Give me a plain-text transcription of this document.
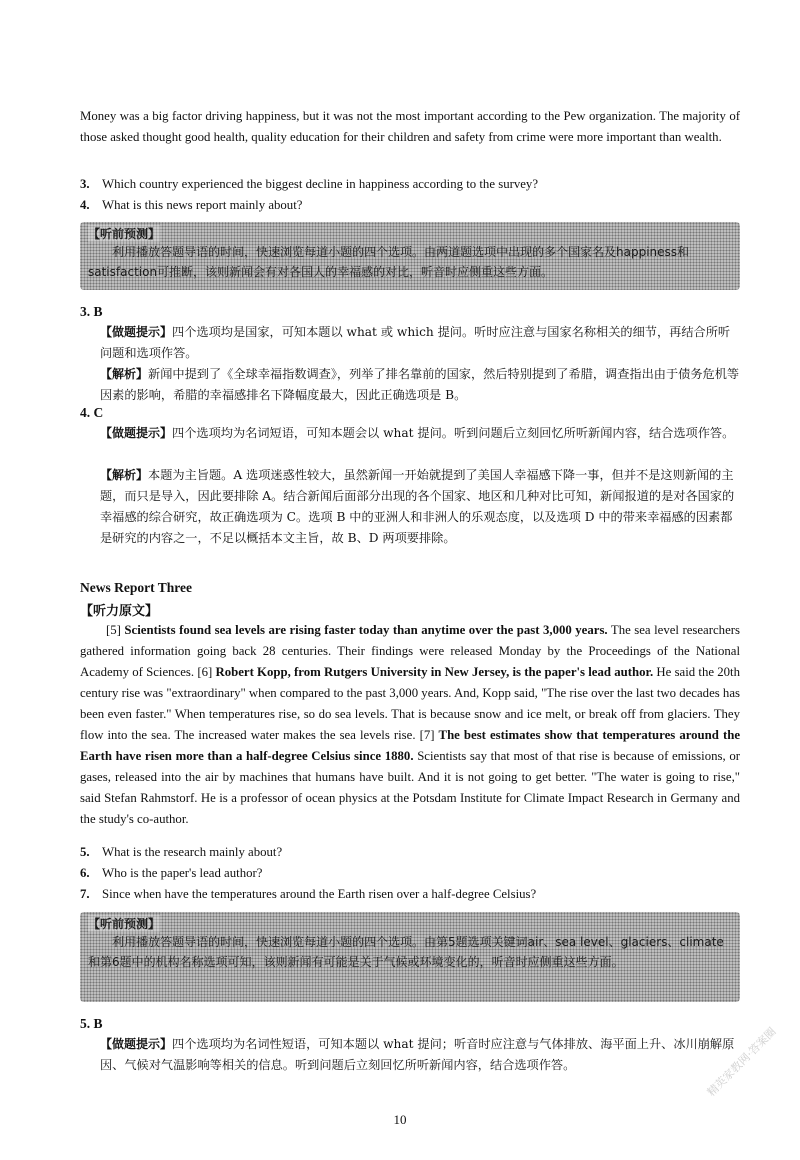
Money was a big factor driving happiness, but it was not the most important according to the Pew organization. The majority of those asked thought good health, quality education for their children and safety from crime were more important than wealth.

3. Which country experienced the biggest decline in happiness according to the survey?
4. What is this news report mainly about?
【听前预测】
利用播放答题导语的时间，快速浏览每道小题的四个选项。由两道题选项中出现的多个国家名及happiness和satisfaction可推断，该则新闻会有对各国人的幸福感的对比，听音时应侧重这些方面。
3. B

【做题提示】四个选项均是国家，可知本题以 what 或 which 提问。听时应注意与国家名称相关的细节，再结合所听问题和选项作答。

【解析】新闻中提到了《全球幸福指数调查》，列举了排名靠前的国家，然后特别提到了希腊，调查指出由于债务危机等因素的影响，希腊的幸福感排名下降幅度最大，因此正确选项是 B。

4. C

【做题提示】四个选项均为名词短语，可知本题会以 what 提问。听到问题后立刻回忆所听新闻内容，结合选项作答。

【解析】本题为主旨题。A 选项迷惑性较大，虽然新闻一开始就提到了美国人幸福感下降一事，但并不是这则新闻的主题，而只是导入，因此要排除 A。结合新闻后面部分出现的各个国家、地区和几种对比可知，新闻报道的是对各国家的幸福感的综合研究，故正确选项为 C。选项 B 中的亚洲人和非洲人的乐观态度，以及选项 D 中的带来幸福感的因素都是研究的内容之一，不足以概括本文主旨，故 B、D 两项要排除。

News Report Three
【听力原文】

[5] Scientists found sea levels are rising faster today than anytime over the past 3,000 years. The sea level researchers gathered information going back 28 centuries. Their findings were released Monday by the Proceedings of the National Academy of Sciences. [6] Robert Kopp, from Rutgers University in New Jersey, is the paper's lead author. He said the 20th century rise was "extraordinary" when compared to the past 3,000 years. And, Kopp said, "The rise over the last two decades has been even faster." When temperatures rise, so do sea levels. That is because snow and ice melt, or break off from glaciers. They flow into the sea. The increased water makes the sea levels rise. [7] The best estimates show that temperatures around the Earth have risen more than a half-degree Celsius since 1880. Scientists say that most of that rise is because of emissions, or gases, released into the air by machines that humans have built. And it is not going to get better. "The water is going to rise," said Stefan Rahmstorf. He is a professor of ocean physics at the Potsdam Institute for Climate Impact Research in Germany and the study's co-author.

5. What is the research mainly about?
6. Who is the paper's lead author?
7. Since when have the temperatures around the Earth risen over a half-degree Celsius?
【听前预测】
利用播放答题导语的时间，快速浏览每道小题的四个选项。由第5题选项关键词air、sea level、glaciers、climate和第6题中的机构名称选项可知，该则新闻有可能是关于气候或环境变化的，听音时应侧重这些方面。
5. B

【做题提示】四个选项均为名词性短语，可知本题以 what 提问；听音时应注意与气体排放、海平面上升、冰川崩解原因、气候对气温影响等相关的信息。听到问题后立刻回忆所听新闻内容，结合选项作答。

10
精英家教网·答案圈
